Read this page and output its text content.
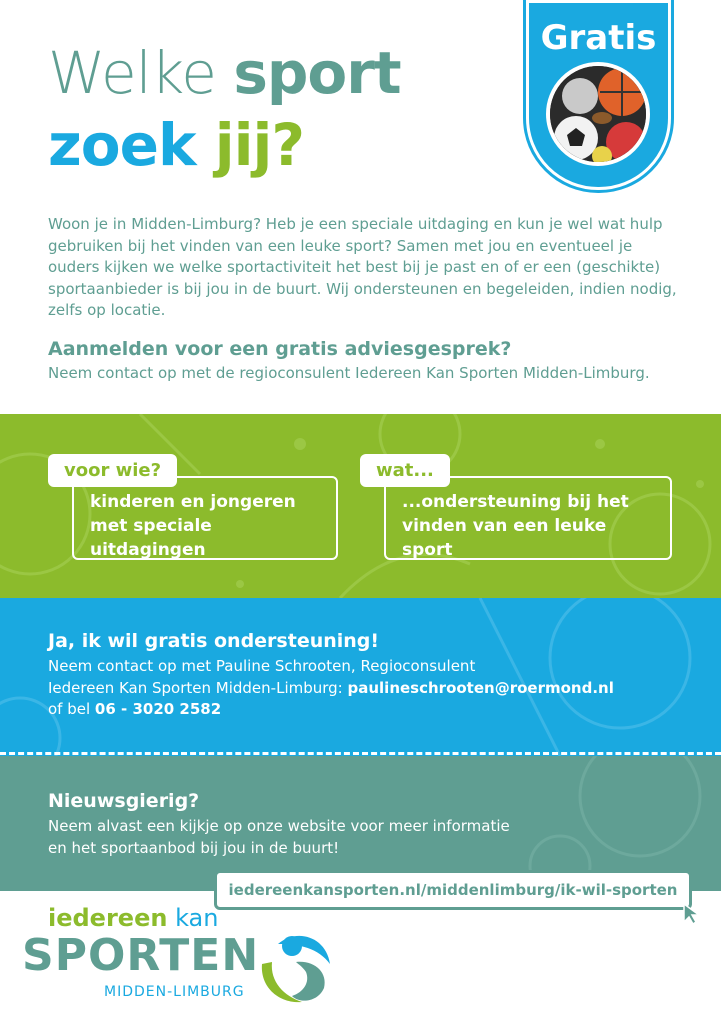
Welke sport
zoek jij?
Gratis
Woon je in Midden-Limburg? Heb je een speciale uitdaging en kun je wel wat hulp gebruiken bij het vinden van een leuke sport? Samen met jou en eventueel je ouders kijken we welke sportactiviteit het best bij je past en of er een (geschikte) sportaanbieder is bij jou in de buurt. Wij ondersteunen en begeleiden, indien nodig, zelfs op locatie.
Aanmelden voor een gratis adviesgesprek?
Neem contact op met de regioconsulent Iedereen Kan Sporten Midden-Limburg.
kinderen en jongeren
met speciale uitdagingen
voor wie?
...ondersteuning bij het
vinden van een leuke sport
wat...
Ja, ik wil gratis ondersteuning!
Neem contact op met Pauline Schrooten, Regioconsulent
Iedereen Kan Sporten Midden-Limburg: paulineschrooten@roermond.nl
of bel 06 - 3020 2582
Nieuwsgierig?
Neem alvast een kijkje op onze website voor meer informatie
en het sportaanbod bij jou in de buurt!
iedereenkansporten.nl/middenlimburg/ik-wil-sporten
iedereen kan
SPORTEN
MIDDEN-LIMBURG
